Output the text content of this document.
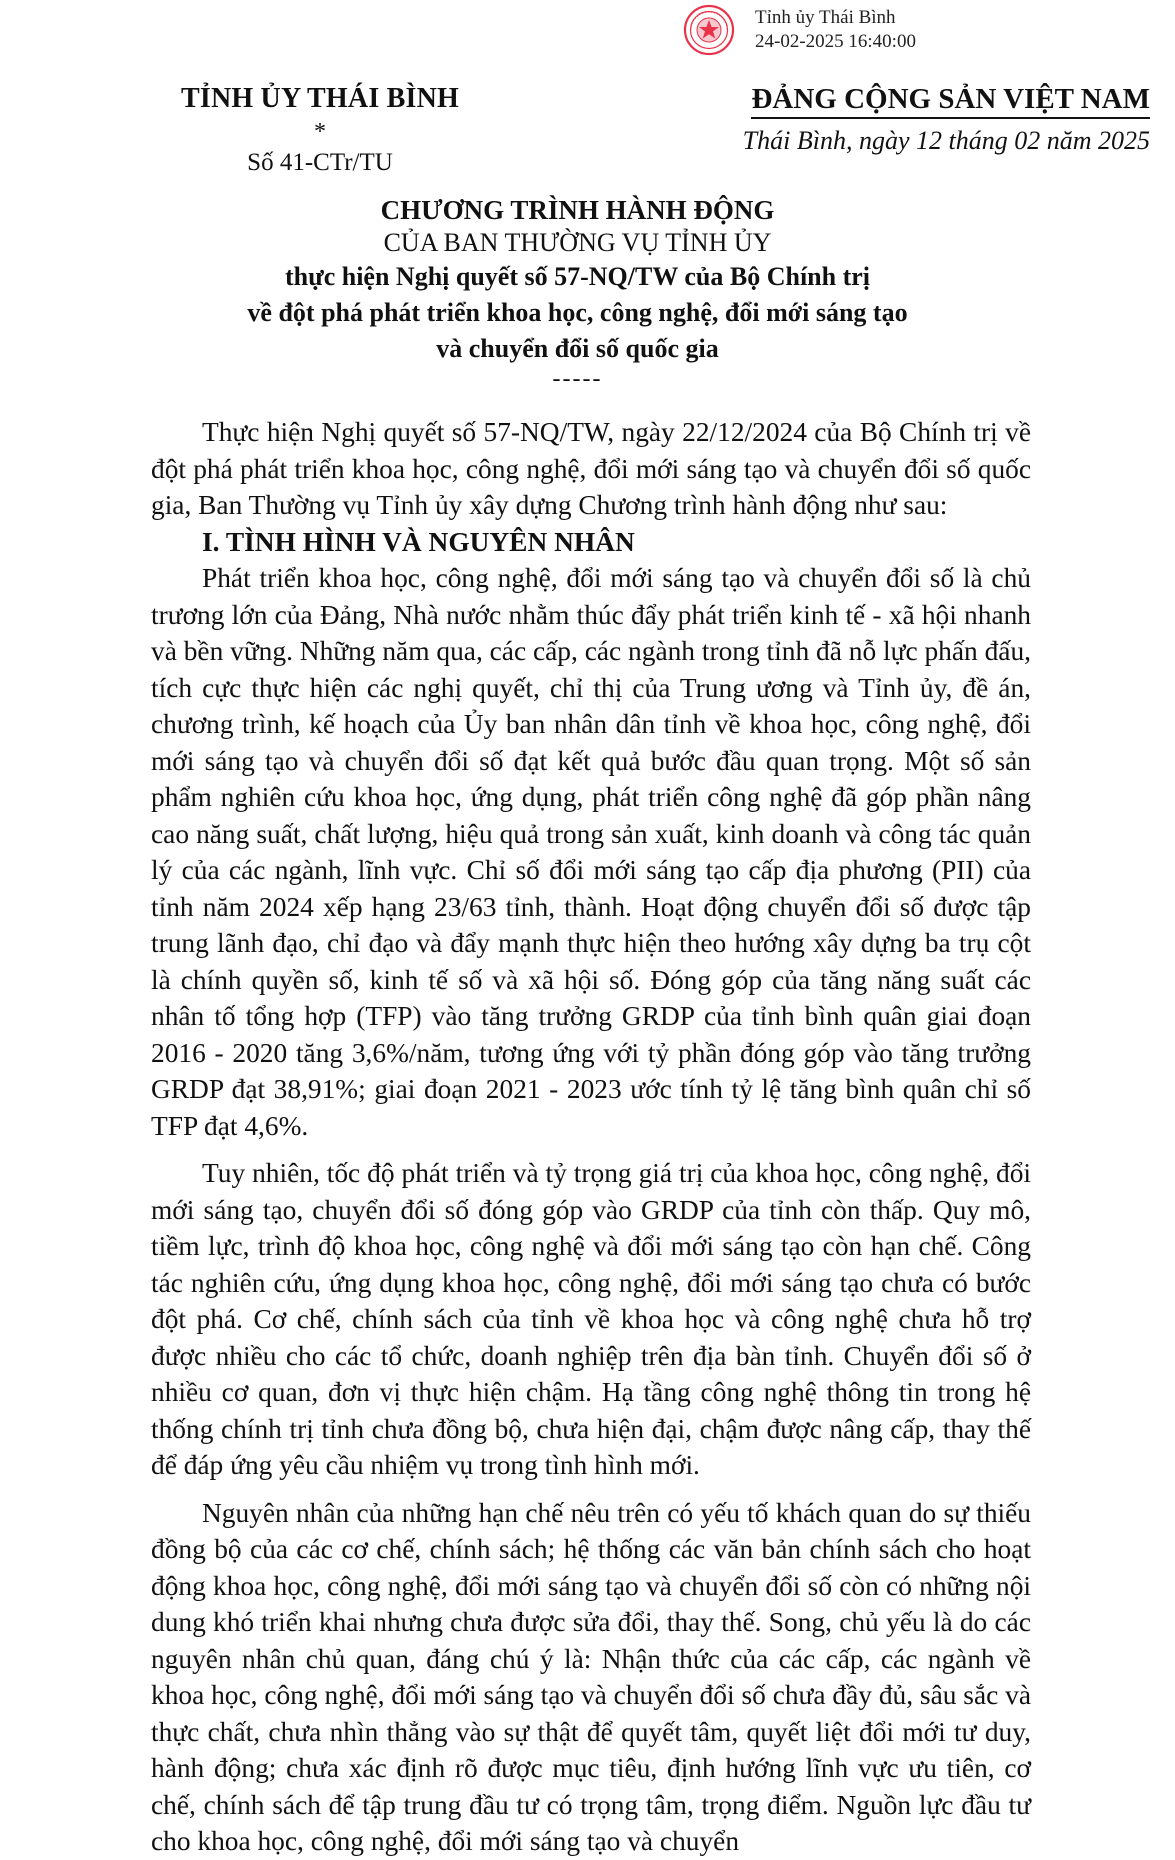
Tỉnh ủy Thái Bình
24-02-2025 16:40:00
TỈNH ỦY THÁI BÌNH
*
Số 41-CTr/TU
ĐẢNG CỘNG SẢN VIỆT NAM
Thái Bình, ngày 12 tháng 02 năm 2025
CHƯƠNG TRÌNH HÀNH ĐỘNG
CỦA BAN THƯỜNG VỤ TỈNH ỦY
thực hiện Nghị quyết số 57-NQ/TW của Bộ Chính trị
về đột phá phát triển khoa học, công nghệ, đổi mới sáng tạo
và chuyển đổi số quốc gia
-----

Thực hiện Nghị quyết số 57-NQ/TW, ngày 22/12/2024 của Bộ Chính trị về đột phá phát triển khoa học, công nghệ, đổi mới sáng tạo và chuyển đổi số quốc gia, Ban Thường vụ Tỉnh ủy xây dựng Chương trình hành động như sau:

I. TÌNH HÌNH VÀ NGUYÊN NHÂN

Phát triển khoa học, công nghệ, đổi mới sáng tạo và chuyển đổi số là chủ trương lớn của Đảng, Nhà nước nhằm thúc đẩy phát triển kinh tế - xã hội nhanh và bền vững. Những năm qua, các cấp, các ngành trong tỉnh đã nỗ lực phấn đấu, tích cực thực hiện các nghị quyết, chỉ thị của Trung ương và Tỉnh ủy, đề án, chương trình, kế hoạch của Ủy ban nhân dân tỉnh về khoa học, công nghệ, đổi mới sáng tạo và chuyển đổi số đạt kết quả bước đầu quan trọng. Một số sản phẩm nghiên cứu khoa học, ứng dụng, phát triển công nghệ đã góp phần nâng cao năng suất, chất lượng, hiệu quả trong sản xuất, kinh doanh và công tác quản lý của các ngành, lĩnh vực. Chỉ số đổi mới sáng tạo cấp địa phương (PII) của tỉnh năm 2024 xếp hạng 23/63 tỉnh, thành. Hoạt động chuyển đổi số được tập trung lãnh đạo, chỉ đạo và đẩy mạnh thực hiện theo hướng xây dựng ba trụ cột là chính quyền số, kinh tế số và xã hội số. Đóng góp của tăng năng suất các nhân tố tổng hợp (TFP) vào tăng trưởng GRDP của tỉnh bình quân giai đoạn 2016 - 2020 tăng 3,6%/năm, tương ứng với tỷ phần đóng góp vào tăng trưởng GRDP đạt 38,91%; giai đoạn 2021 - 2023 ước tính tỷ lệ tăng bình quân chỉ số TFP đạt 4,6%.

Tuy nhiên, tốc độ phát triển và tỷ trọng giá trị của khoa học, công nghệ, đổi mới sáng tạo, chuyển đổi số đóng góp vào GRDP của tỉnh còn thấp. Quy mô, tiềm lực, trình độ khoa học, công nghệ và đổi mới sáng tạo còn hạn chế. Công tác nghiên cứu, ứng dụng khoa học, công nghệ, đổi mới sáng tạo chưa có bước đột phá. Cơ chế, chính sách của tỉnh về khoa học và công nghệ chưa hỗ trợ được nhiều cho các tổ chức, doanh nghiệp trên địa bàn tỉnh. Chuyển đổi số ở nhiều cơ quan, đơn vị thực hiện chậm. Hạ tầng công nghệ thông tin trong hệ thống chính trị tỉnh chưa đồng bộ, chưa hiện đại, chậm được nâng cấp, thay thế để đáp ứng yêu cầu nhiệm vụ trong tình hình mới.

Nguyên nhân của những hạn chế nêu trên có yếu tố khách quan do sự thiếu đồng bộ của các cơ chế, chính sách; hệ thống các văn bản chính sách cho hoạt động khoa học, công nghệ, đổi mới sáng tạo và chuyển đổi số còn có những nội dung khó triển khai nhưng chưa được sửa đổi, thay thế. Song, chủ yếu là do các nguyên nhân chủ quan, đáng chú ý là: Nhận thức của các cấp, các ngành về khoa học, công nghệ, đổi mới sáng tạo và chuyển đổi số chưa đầy đủ, sâu sắc và thực chất, chưa nhìn thẳng vào sự thật để quyết tâm, quyết liệt đổi mới tư duy, hành động; chưa xác định rõ được mục tiêu, định hướng lĩnh vực ưu tiên, cơ chế, chính sách để tập trung đầu tư có trọng tâm, trọng điểm. Nguồn lực đầu tư cho khoa học, công nghệ, đổi mới sáng tạo và chuyển
